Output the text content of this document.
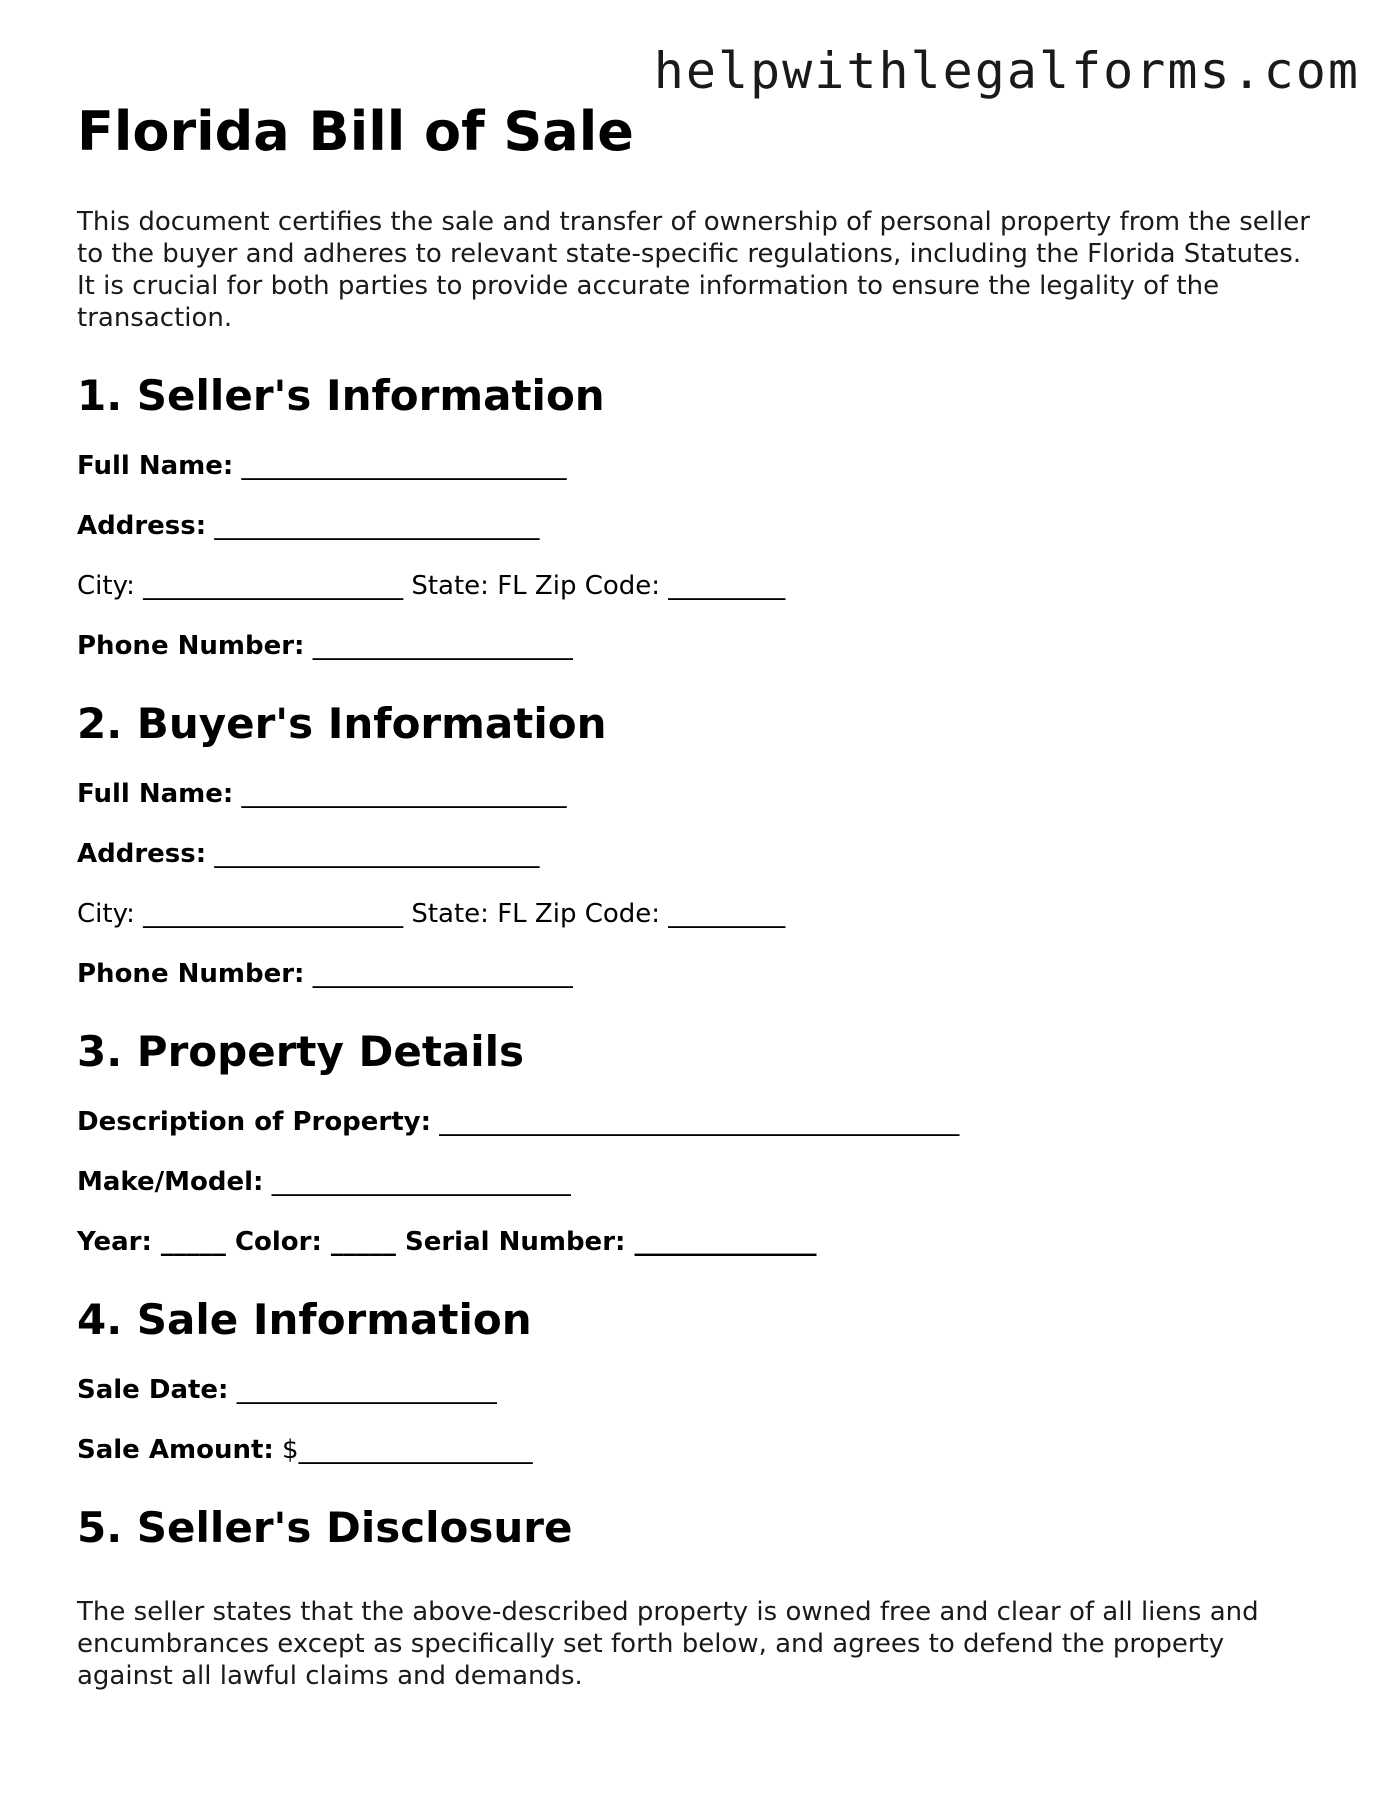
helpwithlegalforms.com
Florida Bill of Sale

This document certifies the sale and transfer of ownership of personal property from the seller to the buyer and adheres to relevant state-specific regulations, including the Florida Statutes. It is crucial for both parties to provide accurate information to ensure the legality of the transaction.

1. Seller's Information
Full Name: _________________________
Address: _________________________
City: ____________________ State: FL Zip Code: _________
Phone Number: ____________________
2. Buyer's Information
Full Name: _________________________
Address: _________________________
City: ____________________ State: FL Zip Code: _________
Phone Number: ____________________
3. Property Details
Description of Property: ________________________________________
Make/Model: _______________________
Year: _____ Color: _____ Serial Number: ______________
4. Sale Information
Sale Date: ____________________
Sale Amount: $__________________
5. Seller's Disclosure

The seller states that the above-described property is owned free and clear of all liens and encumbrances except as specifically set forth below, and agrees to defend the property against all lawful claims and demands.
